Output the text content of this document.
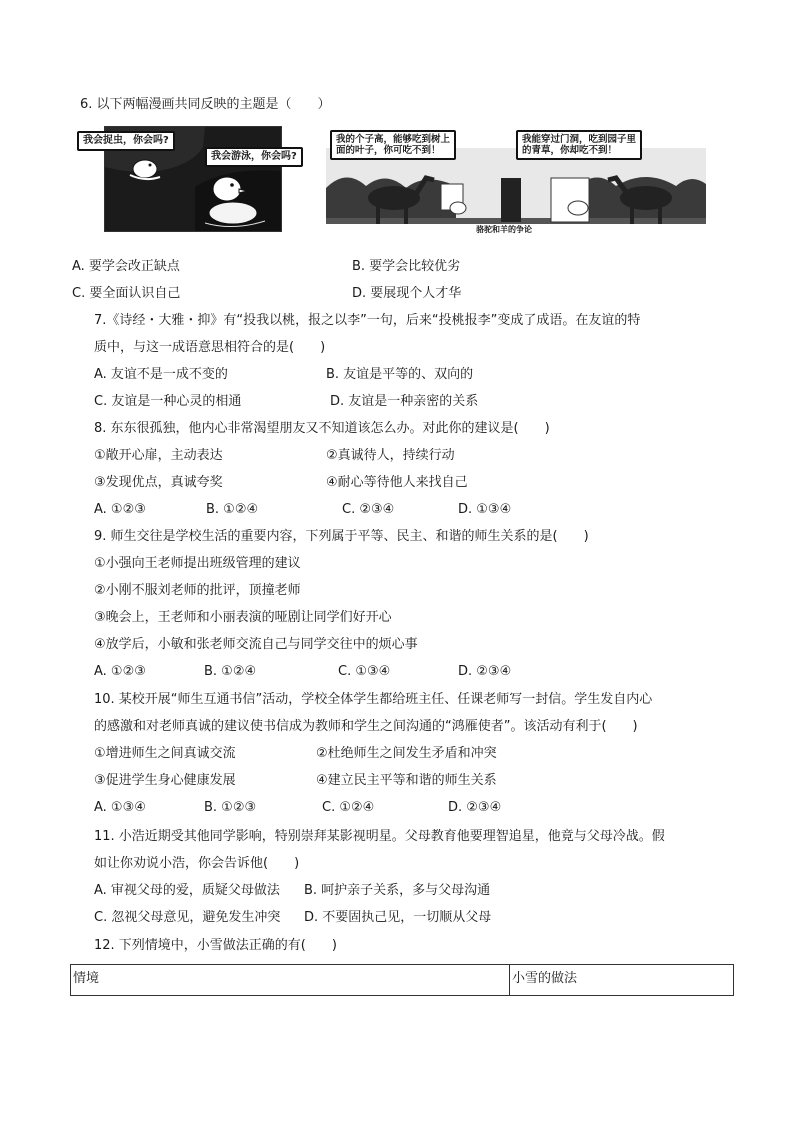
6. 以下两幅漫画共同反映的主题是（　　）
我会捉虫，你会吗?
我会游泳，你会吗?
我的个子高，能够吃到树上
面的叶子，你可吃不到！
我能穿过门洞，吃到园子里
的青草，你却吃不到！
骆驼和羊的争论
A. 要学会改正缺点	B. 要学会比较优劣
C. 要全面认识自己	D. 要展现个人才华
7.《诗经・大雅・抑》有“投我以桃，报之以李”一句，后来“投桃报李”变成了成语。在友谊的特
质中，与这一成语意思相符合的是(　　)
A. 友谊不是一成不变的	B. 友谊是平等的、双向的
C. 友谊是一种心灵的相通	D. 友谊是一种亲密的关系
8. 东东很孤独，他内心非常渴望朋友又不知道该怎么办。对此你的建议是(　　)
①敞开心扉，主动表达	②真诚待人，持续行动
③发现优点，真诚夸奖	④耐心等待他人来找自己
A. ①②③	B. ①②④	C. ②③④	D. ①③④
9. 师生交往是学校生活的重要内容，下列属于平等、民主、和谐的师生关系的是(　　)
①小强向王老师提出班级管理的建议
②小刚不服刘老师的批评，顶撞老师
③晚会上，王老师和小丽表演的哑剧让同学们好开心
④放学后，小敏和张老师交流自己与同学交往中的烦心事
A. ①②③	B. ①②④	C. ①③④	D. ②③④
10. 某校开展“师生互通书信”活动，学校全体学生都给班主任、任课老师写一封信。学生发自内心
的感激和对老师真诚的建议使书信成为教师和学生之间沟通的“鸿雁使者”。该活动有利于(　　)
①增进师生之间真诚交流	②杜绝师生之间发生矛盾和冲突
③促进学生身心健康发展	④建立民主平等和谐的师生关系
A. ①③④	B. ①②③	C. ①②④	D. ②③④
11. 小浩近期受其他同学影响，特别崇拜某影视明星。父母教育他要理智追星，他竟与父母冷战。假
如让你劝说小浩，你会告诉他(　　)
A. 审视父母的爱，质疑父母做法 B. 呵护亲子关系，多与父母沟通
C. 忽视父母意见，避免发生冲突 D. 不要固执己见，一切顺从父母
12. 下列情境中，小雪做法正确的有(　　)
情境	小雪的做法
